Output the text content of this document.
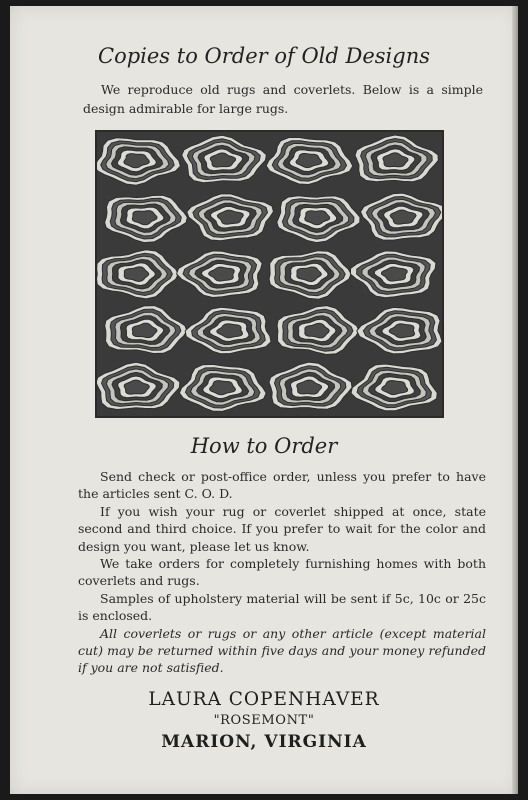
Copies to Order of Old Designs

We reproduce old rugs and coverlets. Below is a simple design admirable for large rugs.

How to Order

Send check or post-office order, unless you prefer to have the articles sent C. O. D.

If you wish your rug or coverlet shipped at once, state second and third choice. If you prefer to wait for the color and design you want, please let us know.

We take orders for completely furnishing homes with both coverlets and rugs.

Samples of upholstery material will be sent if 5c, 10c or 25c is enclosed.

All coverlets or rugs or any other article (except material cut) may be returned within five days and your money refunded if you are not satisfied.

LAURA COPENHAVER
"ROSEMONT"
MARION, VIRGINIA
